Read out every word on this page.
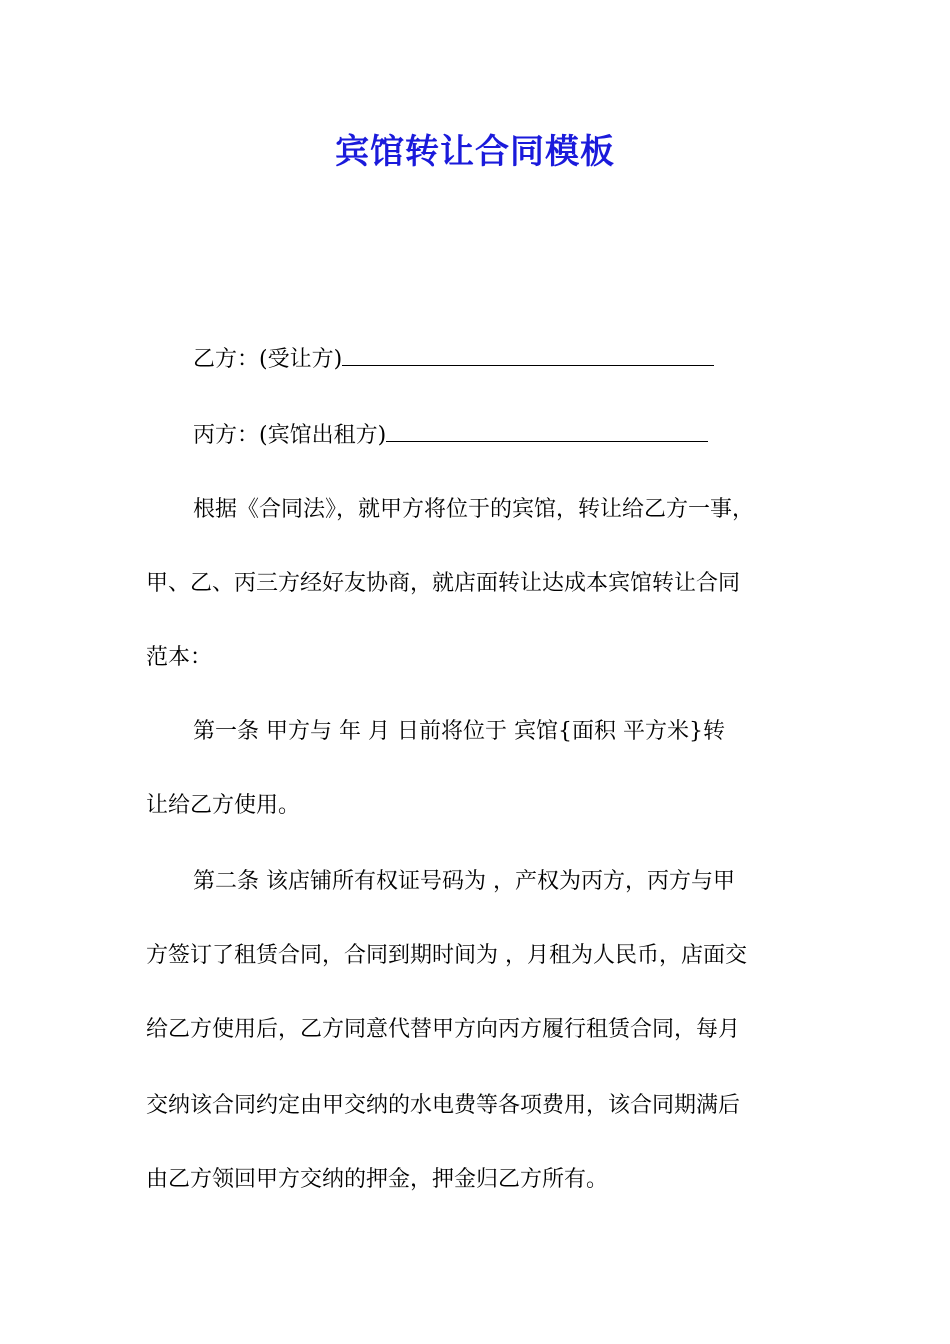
宾馆转让合同模板
乙方：(受让方)
丙方：(宾馆出租方)
根据《合同法》，就甲方将位于的宾馆，转让给乙方一事，
甲、乙、丙三方经好友协商，就店面转让达成本宾馆转让合同
范本：
第一条 甲方与 年 月 日前将位于 宾馆{面积 平方米}转
让给乙方使用。
第二条 该店铺所有权证号码为 ，产权为丙方，丙方与甲
方签订了租赁合同，合同到期时间为 ，月租为人民币，店面交
给乙方使用后，乙方同意代替甲方向丙方履行租赁合同，每月
交纳该合同约定由甲交纳的水电费等各项费用，该合同期满后
由乙方领回甲方交纳的押金，押金归乙方所有。
